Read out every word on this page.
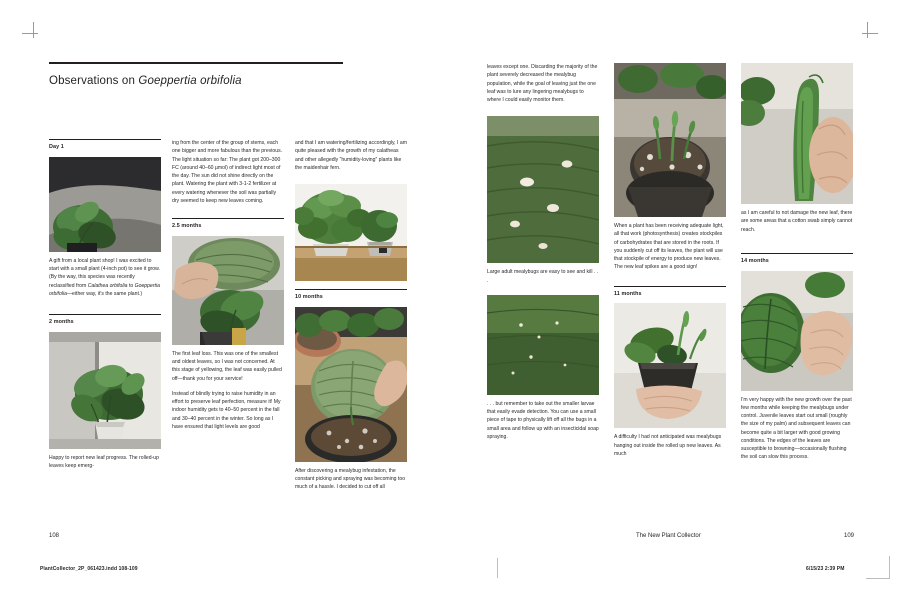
Observations on Goeppertia orbifolia
Day 1

A gift from a local plant shop! I was excited to start with a small plant (4-inch pot) to see it grow. (By the way, this species was recently reclassified from Calathea orbifolia to Goeppertia orbifolia—either way, it's the same plant.)

2 months

Happy to report new leaf progress. The rolled-up leaves keep emerg-

ing from the center of the group of stems, each one bigger and more fabulous than the previous. The light situation so far: The plant got 200–300 FC (around 40–60 µmol) of indirect light most of the day. The sun did not shine directly on the plant. Watering the plant with 3-1-2 fertilizer at every watering whenever the soil was partially dry seemed to keep new leaves coming.

2.5 months

The first leaf loss. This was one of the smallest and oldest leaves, so I was not concerned. At this stage of yellowing, the leaf was easily pulled off—thank you for your service!

Instead of blindly trying to raise humidity in an effort to preserve leaf perfection, measure it! My indoor humidity gets to 40–50 percent in the fall and 30–40 percent in the winter. So long as I have ensured that light levels are good

and that I am watering/fertilizing accordingly, I am quite pleased with the growth of my calatheas and other allegedly “humidity-loving” plants like the maidenhair fern.

10 months

After discovering a mealybug infestation, the constant picking and spraying was becoming too much of a hassle. I decided to cut off all

leaves except one. Discarding the majority of the plant severely decreased the mealybug population, while the goal of leaving just the one leaf was to lure any lingering mealybugs to where I could easily monitor them.

Large adult mealybugs are easy to see and kill . . .

. . . but remember to take out the smaller larvae that easily evade detection. You can use a small piece of tape to physically lift off all the bugs in a small area and follow up with an insecticidal soap spraying.

When a plant has been receiving adequate light, all that work (photosynthesis) creates stockpiles of carbohydrates that are stored in the roots. If you suddenly cut off its leaves, the plant will use that stockpile of energy to produce new leaves. The new leaf spikes are a good sign!

11 months

A difficulty I had not anticipated was mealybugs hanging out inside the rolled up new leaves. As much

as I am careful to not damage the new leaf, there are some areas that a cotton swab simply cannot reach.

14 months

I'm very happy with the new growth over the past few months while keeping the mealybugs under control. Juvenile leaves start out small (roughly the size of my palm) and subsequent leaves can become quite a bit larger with good growing conditions. The edges of the leaves are susceptible to browning—occasionally flushing the soil can slow this process.

108	The New Plant Collector	109
PlantCollector_2P_061423.indd 108-109	6/15/23 2:39 PM
